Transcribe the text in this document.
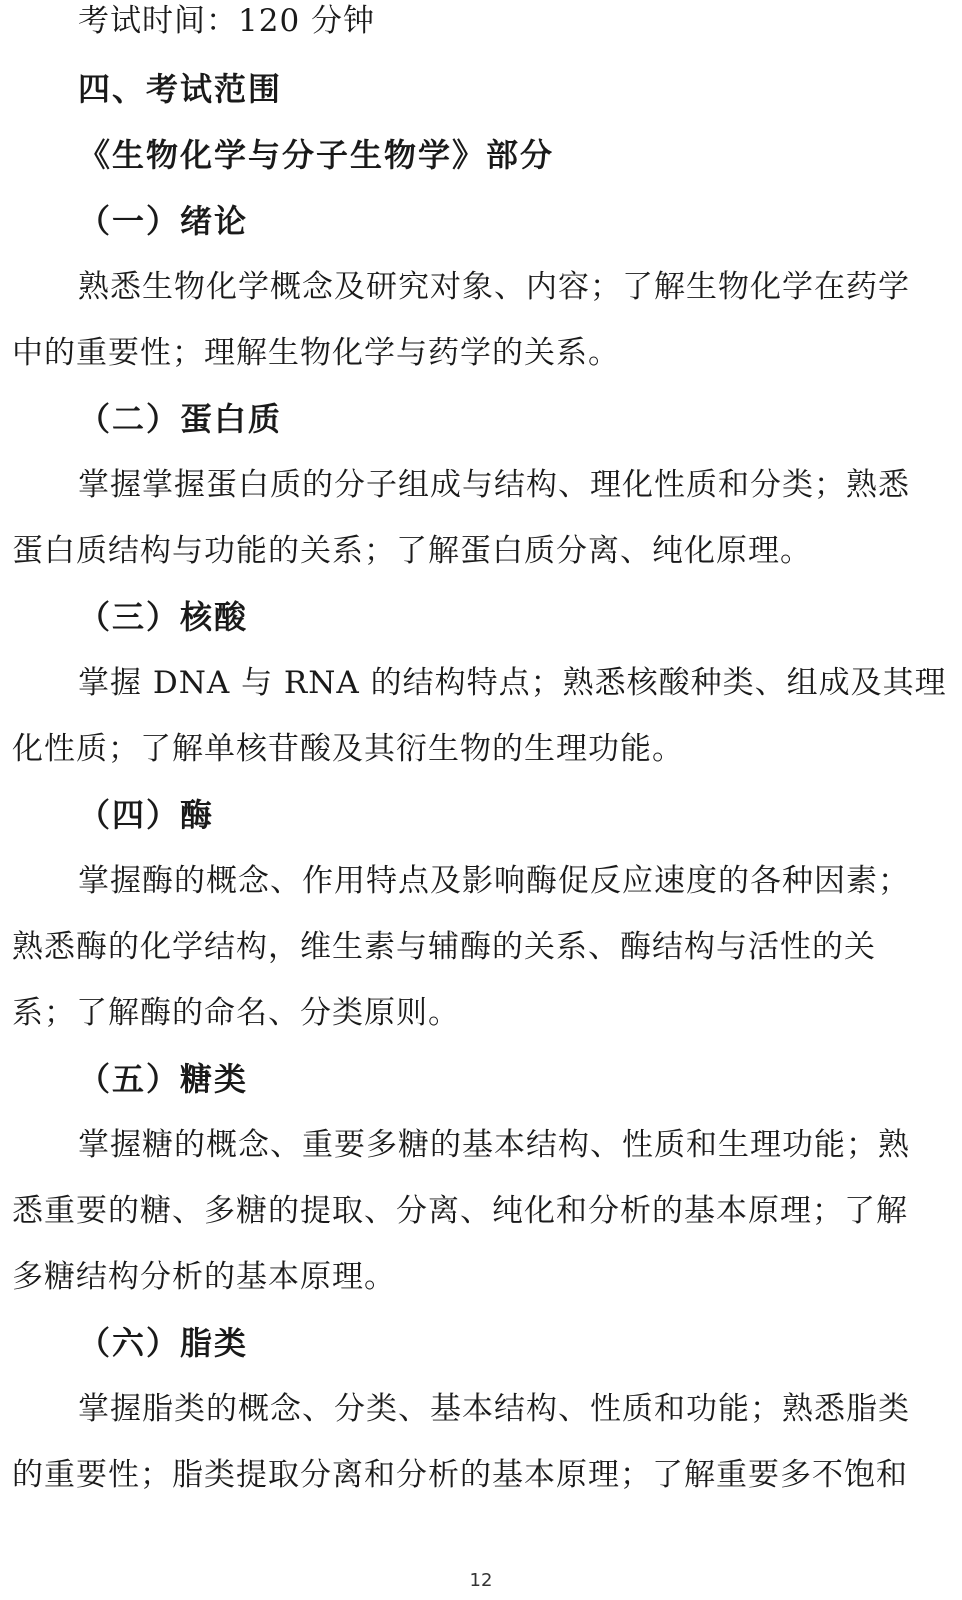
考试时间：120 分钟
四、考试范围
《生物化学与分子生物学》部分
（一）绪论
熟悉生物化学概念及研究对象、内容；了解生物化学在药学
中的重要性；理解生物化学与药学的关系。
（二）蛋白质
掌握掌握蛋白质的分子组成与结构、理化性质和分类；熟悉
蛋白质结构与功能的关系；了解蛋白质分离、纯化原理。
（三）核酸
掌握 DNA 与 RNA 的结构特点；熟悉核酸种类、组成及其理
化性质；了解单核苷酸及其衍生物的生理功能。
（四）酶
掌握酶的概念、作用特点及影响酶促反应速度的各种因素；
熟悉酶的化学结构，维生素与辅酶的关系、酶结构与活性的关
系；了解酶的命名、分类原则。
（五）糖类
掌握糖的概念、重要多糖的基本结构、性质和生理功能；熟
悉重要的糖、多糖的提取、分离、纯化和分析的基本原理；了解
多糖结构分析的基本原理。
（六）脂类
掌握脂类的概念、分类、基本结构、性质和功能；熟悉脂类
的重要性；脂类提取分离和分析的基本原理；了解重要多不饱和
12
